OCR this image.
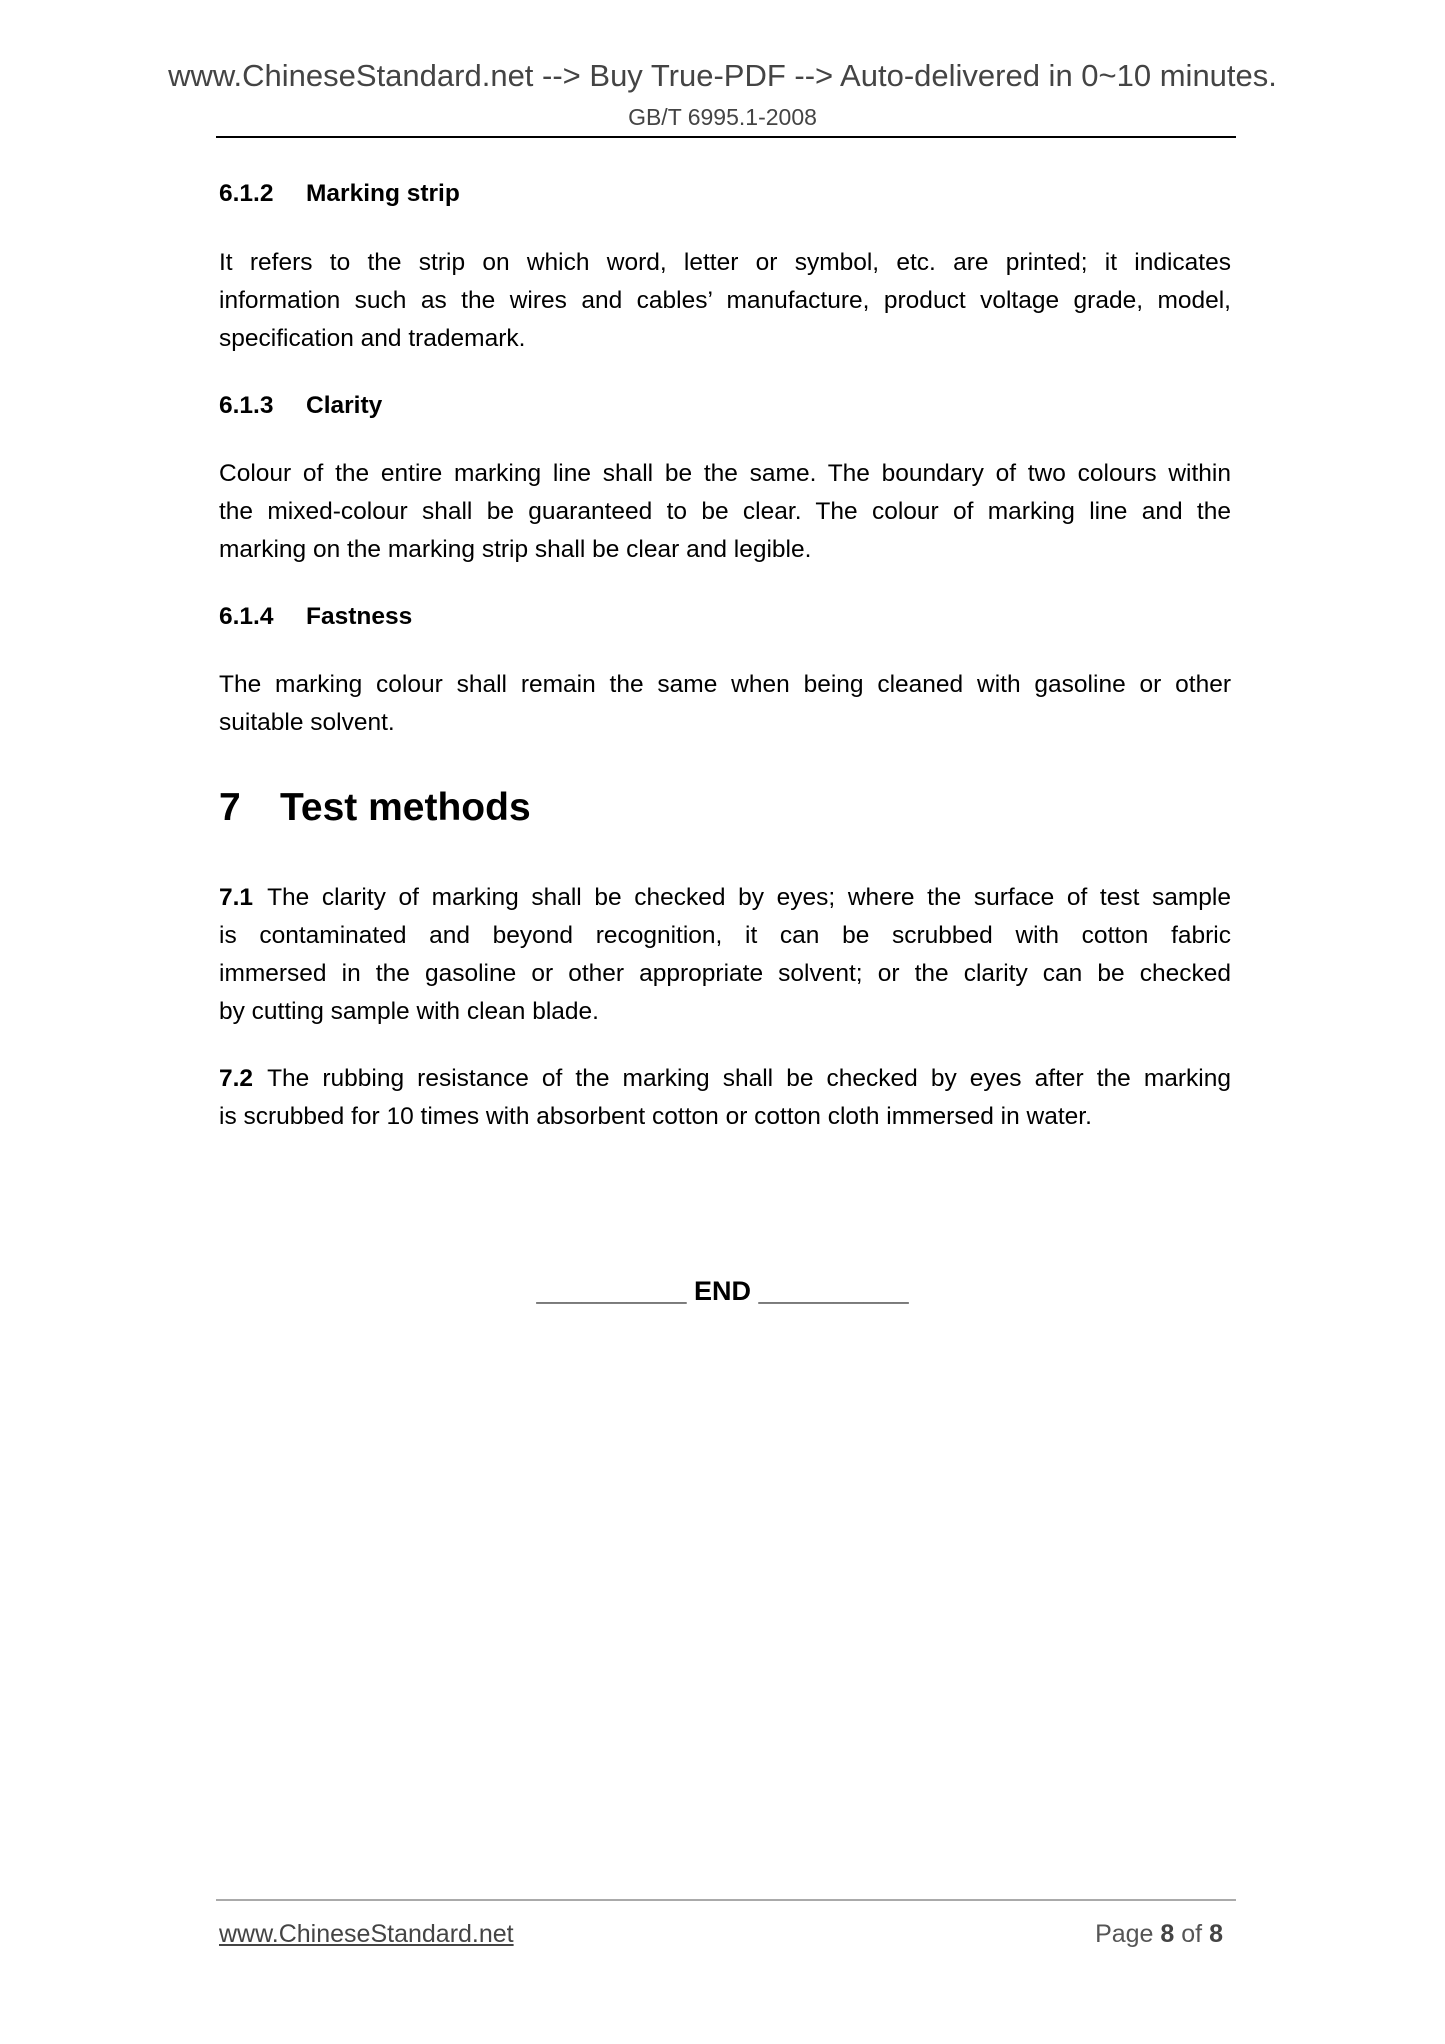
www.ChineseStandard.net --> Buy True-PDF --> Auto-delivered in 0~10 minutes.
GB/T 6995.1-2008
6.1.2 Marking strip
It refers to the strip on which word, letter or symbol, etc. are printed; it indicates
information such as the wires and cables’ manufacture, product voltage grade, model,
specification and trademark.
6.1.3 Clarity
Colour of the entire marking line shall be the same. The boundary of two colours within
the mixed-colour shall be guaranteed to be clear. The colour of marking line and the
marking on the marking strip shall be clear and legible.
6.1.4 Fastness
The marking colour shall remain the same when being cleaned with gasoline or other
suitable solvent.
7 Test methods
7.1 The clarity of marking shall be checked by eyes; where the surface of test sample
is contaminated and beyond recognition, it can be scrubbed with cotton fabric
immersed in the gasoline or other appropriate solvent; or the clarity can be checked
by cutting sample with clean blade.
7.2 The rubbing resistance of the marking shall be checked by eyes after the marking
is scrubbed for 10 times with absorbent cotton or cotton cloth immersed in water.
__________ END __________
www.ChineseStandard.net	Page 8 of 8
